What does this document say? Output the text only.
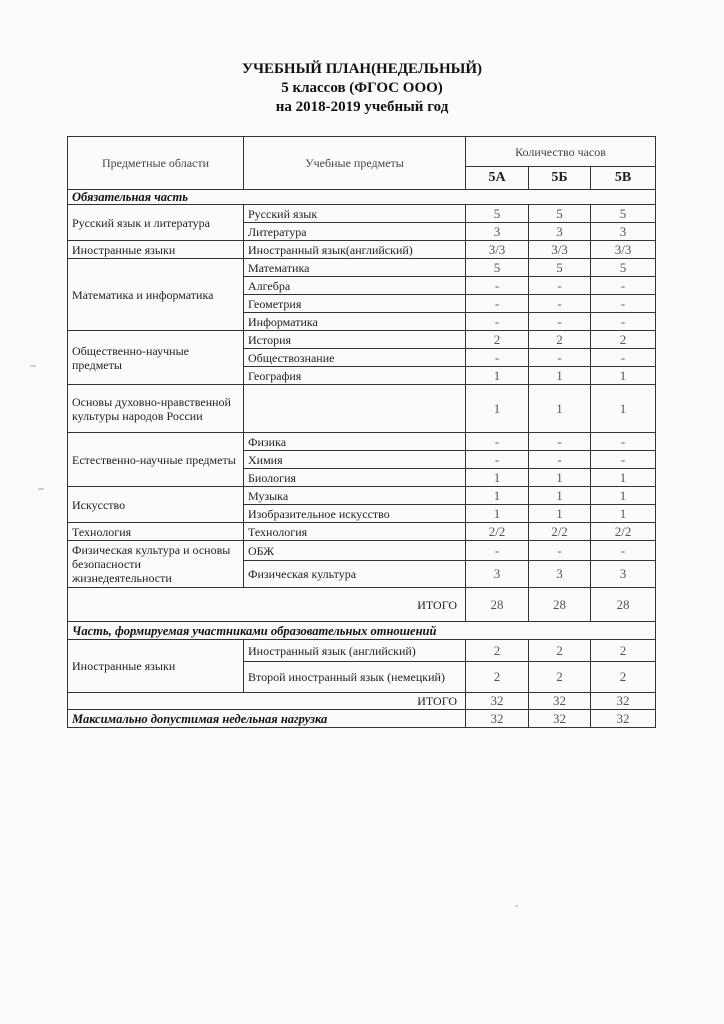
УЧЕБНЫЙ ПЛАН(НЕДЕЛЬНЫЙ)
5 классов (ФГОС ООО)
на 2018-2019 учебный год
Предметные области	Учебные предметы	Количество часов		
		5А	5Б	5В
Обязательная часть				
Русский язык и литература	Русский язык	5	5	5
	Литература	3	3	3
Иностранные языки	Иностранный язык(английский)	3/3	3/3	3/3
Математика и информатика	Математика	5	5	5
	Алгебра	-	-	-
	Геометрия	-	-	-
	Информатика	-	-	-
Общественно-научные предметы	История	2	2	2
	Обществознание	-	-	-
	География	1	1	1
Основы духовно-нравственной культуры народов России		1	1	1
Естественно-научные предметы	Физика	-	-	-
	Химия	-	-	-
	Биология	1	1	1
Искусство	Музыка	1	1	1
	Изобразительное искусство	1	1	1
Технология	Технология	2/2	2/2	2/2
Физическая культура и основы безопасности жизнедеятельности	ОБЖ	-	-	-
	Физическая культура	3	3	3
ИТОГО		28	28	28
Часть, формируемая участниками образовательных отношений				
Иностранные языки	Иностранный язык (английский)	2	2	2
	Второй иностранный язык (немецкий)	2	2	2
ИТОГО		32	32	32
Максимально допустимая недельная нагрузка		32	32	32
